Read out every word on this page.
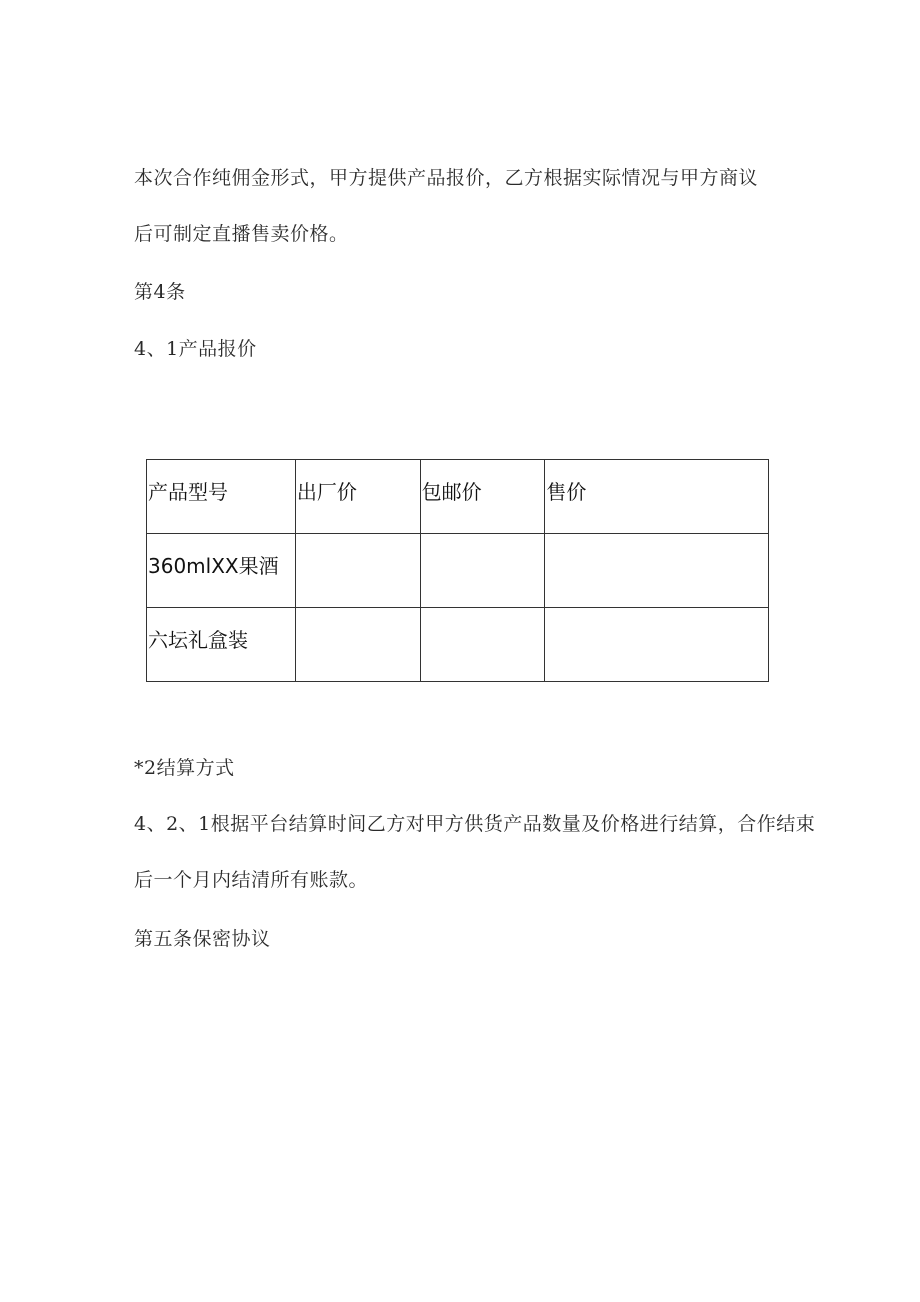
本次合作纯佣金形式，甲方提供产品报价，乙方根据实际情况与甲方商议
后可制定直播售卖价格。
第4条
4、1产品报价
产品型号	出厂价	包邮价	售价
360mlXX果酒			
六坛礼盒装			
*2结算方式
4、2、1根据平台结算时间乙方对甲方供货产品数量及价格进行结算，合作结束
后一个月内结清所有账款。
第五条保密协议
